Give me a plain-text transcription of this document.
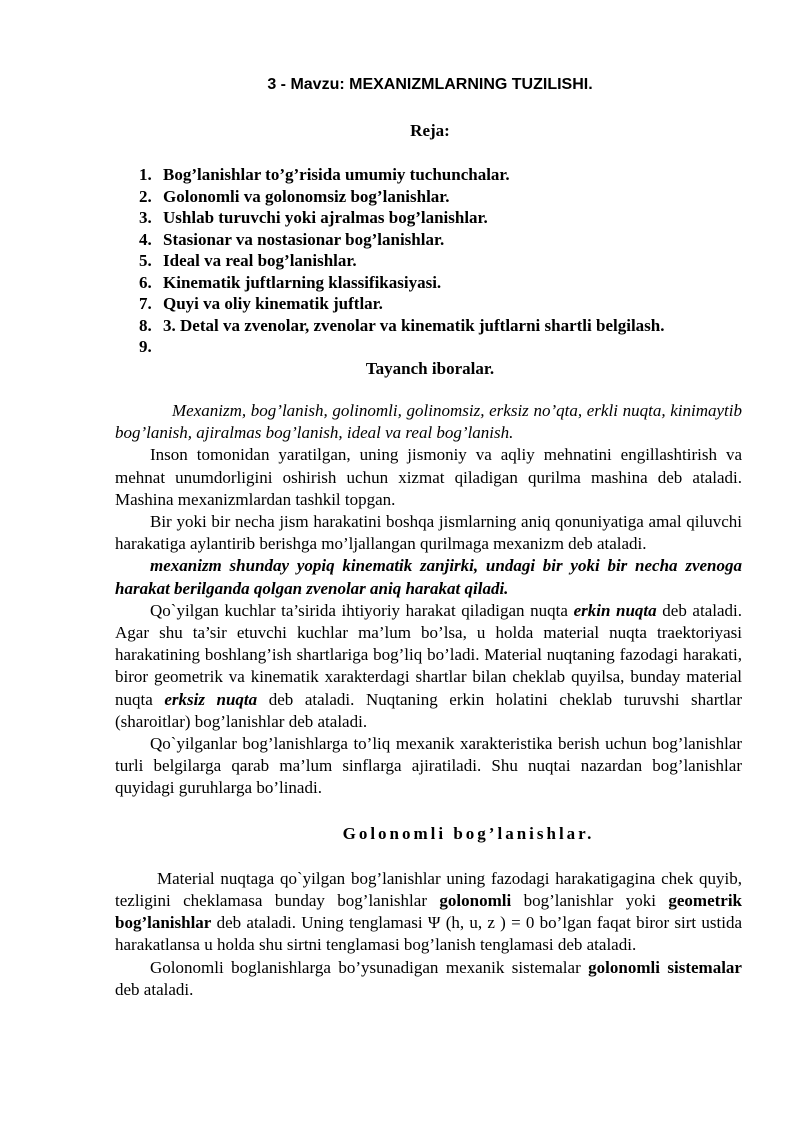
3 - Mavzu: MEXANIZMLARNING TUZILISHI.
Reja:
1. Bog’lanishlar to’g’risida umumiy tuchunchalar.
2. Golonomli va golonomsiz bog’lanishlar.
3. Ushlab turuvchi yoki ajralmas bog’lanishlar.
4. Stasionar va nostasionar bog’lanishlar.
5. Ideal va real bog’lanishlar.
6. Kinematik juftlarning klassifikasiyasi.
7. Quyi va oliy kinematik juftlar.
8. 3. Detal va zvenolar, zvenolar va kinematik juftlarni shartli belgilash.
9.
Tayanch iboralar.

Mexanizm, bog’lanish, golinomli, golinomsiz, erksiz no’qta, erkli nuqta, kinimaytib bog’lanish, ajiralmas bog’lanish, ideal va real bog’lanish.

Inson tomonidan yaratilgan, uning jismoniy va aqliy mehnatini engillashtirish va mehnat unumdorligini oshirish uchun xizmat qiladigan qurilma mashina deb ataladi. Mashina mexanizmlardan tashkil topgan.

Bir yoki bir necha jism harakatini boshqa jismlarning aniq qonuniyatiga amal qiluvchi harakatiga aylantirib berishga mo’ljallangan qurilmaga mexanizm deb ataladi.

mexanizm shunday yopiq kinematik zanjirki, undagi bir yoki bir necha zvenoga harakat berilganda qolgan zvenolar aniq harakat qiladi.

Qo`yilgan kuchlar ta’sirida ihtiyoriy harakat qiladigan nuqta erkin nuqta deb ataladi. Agar shu ta’sir etuvchi kuchlar ma’lum bo’lsa, u holda material nuqta traektoriyasi harakatining boshlang’ish shartlariga bog’liq bo’ladi. Material nuqtaning fazodagi harakati, biror geometrik va kinematik xarakterdagi shartlar bilan cheklab quyilsa, bunday material nuqta erksiz nuqta deb ataladi. Nuqtaning erkin holatini cheklab turuvshi shartlar (sharoitlar) bog’lanishlar deb ataladi.

Qo`yilganlar bog’lanishlarga to’liq mexanik xarakteristika berish uchun bog’lanishlar turli belgilarga qarab ma’lum sinflarga ajiratiladi. Shu nuqtai nazardan bog’lanishlar quyidagi guruhlarga bo’linadi.

Golonomli bog’lanishlar.

Material nuqtaga qo`yilgan bog’lanishlar uning fazodagi harakatigagina chek quyib, tezligini cheklamasa bunday bog’lanishlar golonomli bog’lanishlar yoki geometrik bog’lanishlar deb ataladi. Uning tenglamasi Ψ (h, u, z ) = 0 bo’lgan faqat biror sirt ustida harakatlansa u holda shu sirtni tenglamasi bog’lanish tenglamasi deb ataladi.

Golonomli boglanishlarga bo’ysunadigan mexanik sistemalar golonomli sistemalar deb ataladi.
